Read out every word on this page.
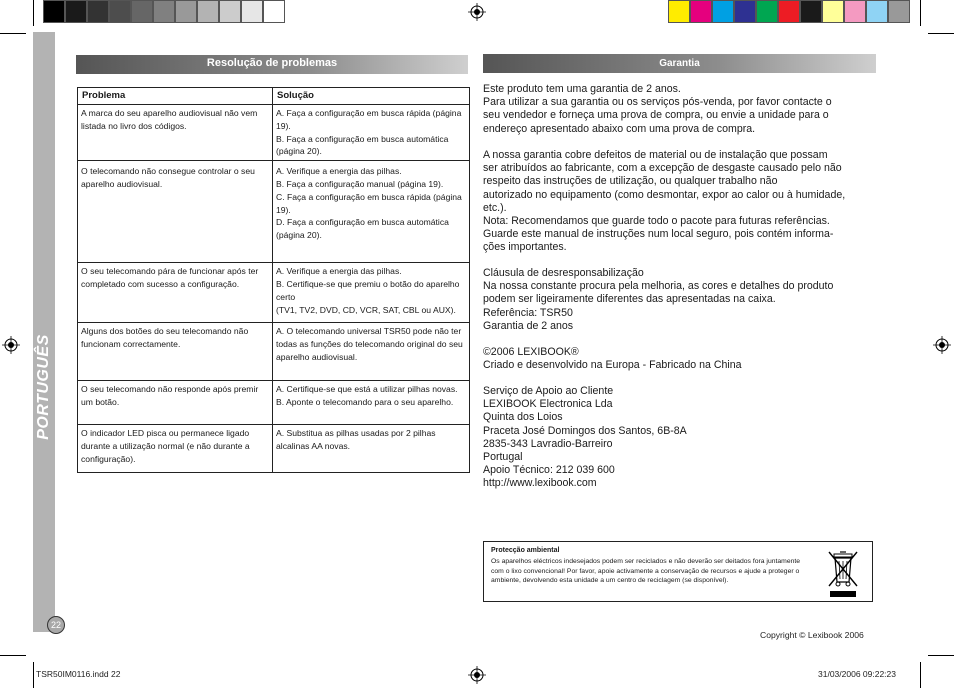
PORTUGUÊS
22
Resolução de problemas
Problema	Solução
A marca do seu aparelho audiovisual não vem listada no livro dos códigos.	A. Faça a configuração em busca rápida (página 19).

B. Faça a configuração em busca automática (página 20).

O telecomando não consegue controlar o seu aparelho audiovisual.	A. Verifique a energia das pilhas.

B. Faça a configuração manual (página 19).

C. Faça a configuração em busca rápida (página 19).

D. Faça a configuração em busca automática (página 20).

O seu telecomando pára de funcionar após ter completado com sucesso a configuração.	A. Verifique a energia das pilhas.

B. Certifique-se que premiu o botão do aparelho certo

(TV1, TV2, DVD, CD, VCR, SAT, CBL ou AUX).

Alguns dos botões do seu telecomando não funcionam correctamente.	A. O telecomando universal TSR50 pode não ter todas as funções do telecomando original do seu aparelho audiovisual.

O seu telecomando não responde após premir um botão.	A. Certifique-se que está a utilizar pilhas novas.

B. Aponte o telecomando para o seu aparelho.

O indicador LED pisca ou permanece ligado durante a utilização normal (e não durante a configuração).	A. Substitua as pilhas usadas por 2 pilhas alcalinas AA novas.

Garantia

Este produto tem uma garantia de 2 anos.

Para utilizar a sua garantia ou os serviços pós-venda, por favor contacte o

seu vendedor e forneça uma prova de compra, ou envie a unidade para o

endereço apresentado abaixo com uma prova de compra.

A nossa garantia cobre defeitos de material ou de instalação que possam

ser atribuídos ao fabricante, com a excepção de desgaste causado pelo não

respeito das instruções de utilização, ou qualquer trabalho não

autorizado no equipamento (como desmontar, expor ao calor ou à humidade,

etc.).

Nota: Recomendamos que guarde todo o pacote para futuras referências.

Guarde este manual de instruções num local seguro, pois contém informa-

ções importantes.

Cláusula de desresponsabilização

Na nossa constante procura pela melhoria, as cores e detalhes do produto

podem ser ligeiramente diferentes das apresentadas na caixa.

Referência: TSR50

Garantia de 2 anos

©2006 LEXIBOOK®

Criado e desenvolvido na Europa - Fabricado na China

Serviço de Apoio ao Cliente

LEXIBOOK Electronica Lda

Quinta dos Loios

Praceta José Domingos dos Santos, 6B-8A

2835-343 Lavradio-Barreiro

Portugal

Apoio Técnico: 212 039 600

http://www.lexibook.com

Protecção ambiental
Os aparelhos eléctricos indesejados podem ser reciclados e não deverão ser deitados fora juntamente com o lixo convencional! Por favor, apoie activamente a conservação de recursos e ajude a proteger o ambiente, devolvendo esta unidade a um centro de reciclagem (se disponível).
Copyright © Lexibook 2006
TSR50IM0116.indd 22	31/03/2006 09:22:23
